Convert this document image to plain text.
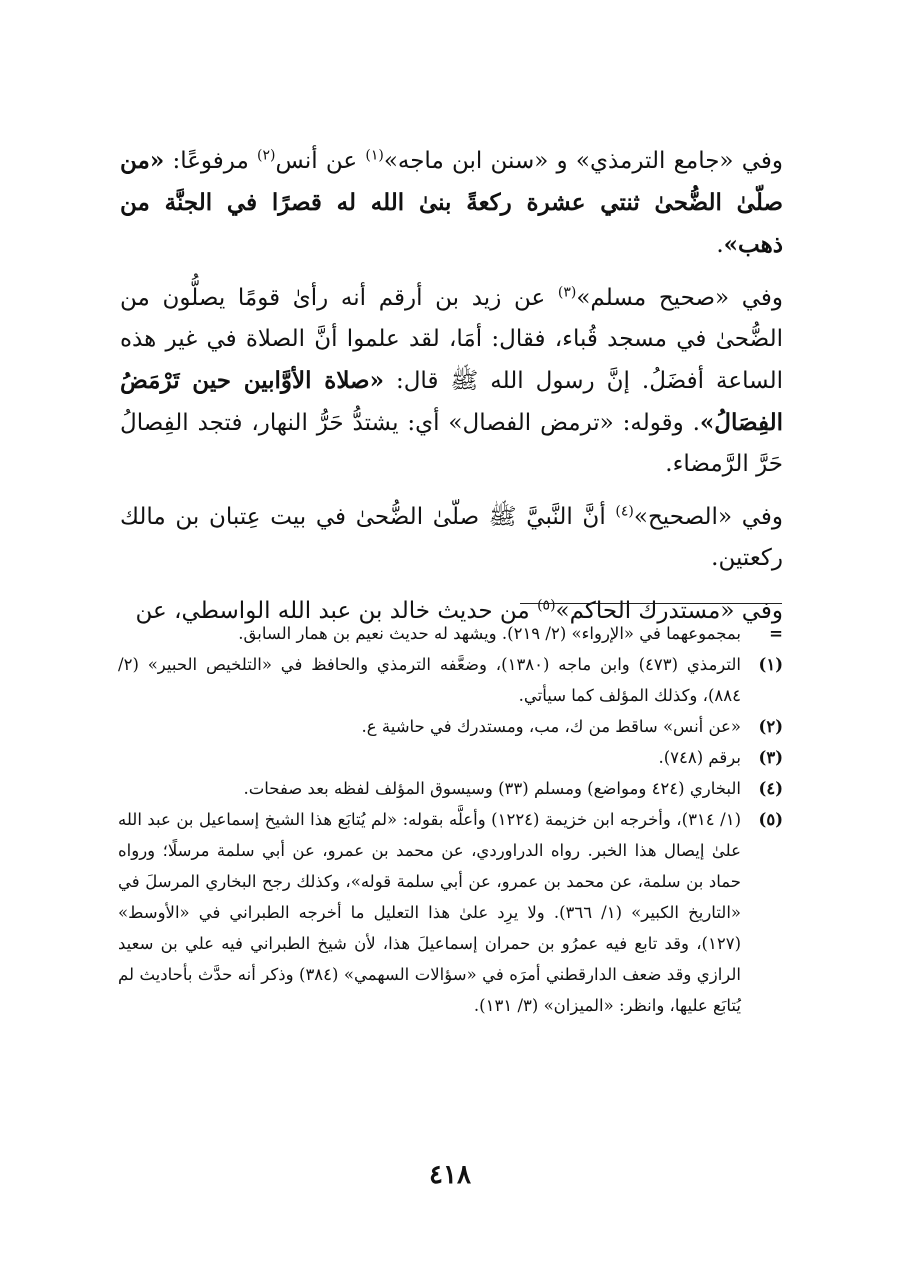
وفي «جامع الترمذي» و «سنن ابن ماجه»$^{(١)}$ عن أنس$^{(٢)}$ مرفوعًا: «من صلّىٰ الضُّحىٰ ثنتي عشرة ركعةً بنىٰ الله له قصرًا في الجنَّة من ذهب».

وفي «صحيح مسلم»$^{(٣)}$ عن زيد بن أرقم أنه رأىٰ قومًا يصلُّون من الضُّحىٰ في مسجد قُباء، فقال: أمَا، لقد علموا أنَّ الصلاة في غير هذه الساعة أفضَلُ. إنَّ رسول الله ﷺ قال: «صلاة الأوَّابين حين تَرْمَضُ الفِصَالُ». وقوله: «ترمض الفصال» أي: يشتدُّ حَرُّ النهار، فتجد الفِصالُ حَرَّ الرَّمضاء.

وفي «الصحيح»$^{(٤)}$ أنَّ النَّبيَّ ﷺ صلّىٰ الضُّحىٰ في بيت عِتبان بن مالك ركعتين.

وفي «مستدرك الحاكم»$^{(٥)}$ من حديث خالد بن عبد الله الواسطي، عن

=
بمجموعهما في «الإرواء» (٢/ ٢١٩). ويشهد له حديث نعيم بن همار السابق.
(١)
الترمذي (٤٧٣) وابن ماجه (١٣٨٠)، وضعَّفه الترمذي والحافظ في «التلخيص الحبير» (٢/ ٨٨٤)، وكذلك المؤلف كما سيأتي.
(٢)
«عن أنس» ساقط من ك، مب، ومستدرك في حاشية ع.
(٣)
برقم (٧٤٨).
(٤)
البخاري (٤٢٤ ومواضع) ومسلم (٣٣) وسيسوق المؤلف لفظه بعد صفحات.
(٥)
(١/ ٣١٤)، وأخرجه ابن خزيمة (١٢٢٤) وأعلَّه بقوله: «لم يُتابَع هذا الشيخ إسماعيل بن عبد الله علىٰ إيصال هذا الخبر. رواه الدراوردي، عن محمد بن عمرو، عن أبي سلمة مرسلًا؛ ورواه حماد بن سلمة، عن محمد بن عمرو، عن أبي سلمة قوله»، وكذلك رجح البخاري المرسلَ في «التاريخ الكبير» (١/ ٣٦٦). ولا يرِد علىٰ هذا التعليل ما أخرجه الطبراني في «الأوسط» (١٢٧)، وقد تابع فيه عمرُو بن حمران إسماعيلَ هذا، لأن شيخ الطبراني فيه علي بن سعيد الرازي وقد ضعف الدارقطني أمرَه في «سؤالات السهمي» (٣٨٤) وذكر أنه حدَّث بأحاديث لم يُتابَع عليها، وانظر: «الميزان» (٣/ ١٣١).
٤١٨
